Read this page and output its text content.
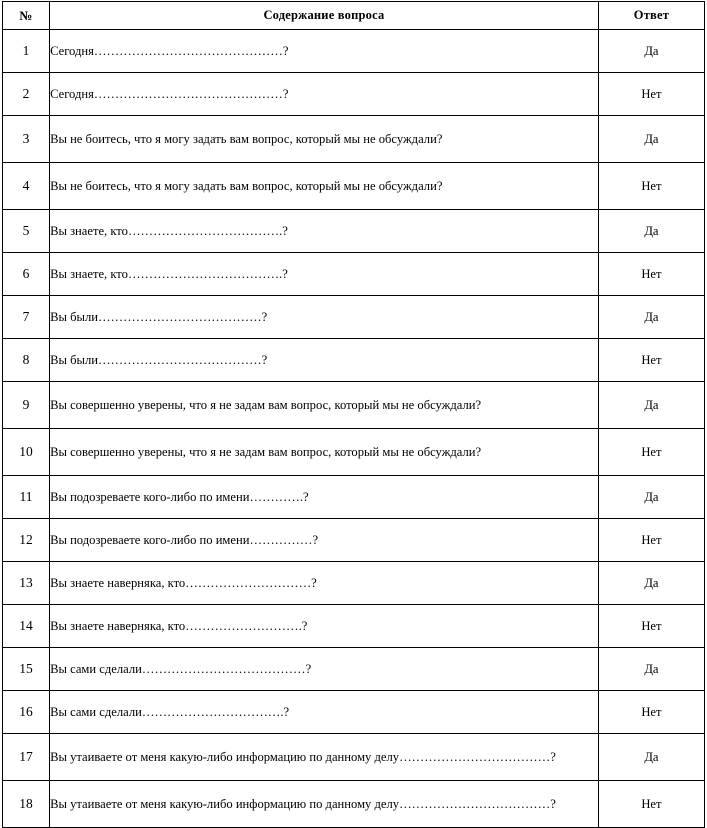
№	Содержание вопроса	Ответ
1	Сегодня………………………………………?	Да
2	Сегодня………………………………………?	Нет
3	Вы не боитесь, что я могу задать вам вопрос, который мы не обсуждали?	Да
4	Вы не боитесь, что я могу задать вам вопрос, который мы не обсуждали?	Нет
5	Вы знаете, кто……………………………….?	Да
6	Вы знаете, кто……………………………….?	Нет
7	Вы были…………………………………?	Да
8	Вы были…………………………………?	Нет
9	Вы совершенно уверены, что я не задам вам вопрос, который мы не обсуждали?	Да
10	Вы совершенно уверены, что я не задам вам вопрос, который мы не обсуждали?	Нет
11	Вы подозреваете кого-либо по имени………….?	Да
12	Вы подозреваете кого-либо по имени……………?	Нет
13	Вы знаете наверняка, кто…………………………?	Да
14	Вы знаете наверняка, кто……………………….?	Нет
15	Вы сами сделали…………………………………?	Да
16	Вы сами сделали…………………………….?	Нет
17	Вы утаиваете от меня какую-либо информацию по данному делу………………………………?	Да
18	Вы утаиваете от меня какую-либо информацию по данному делу………………………………?	Нет
